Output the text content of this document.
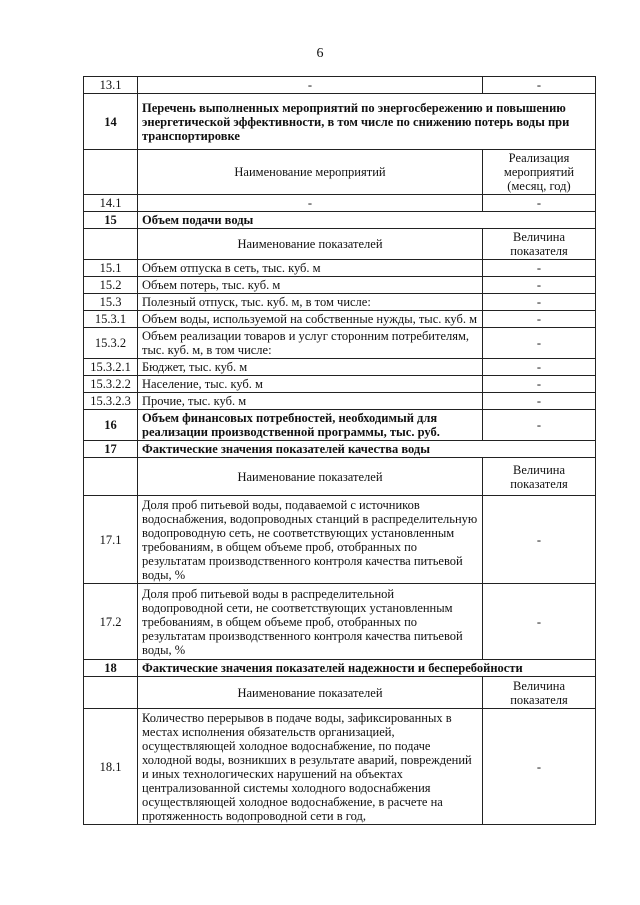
6
13.1	-	-
14	Перечень выполненных мероприятий по энергосбережению и повышению энергетической эффективности, в том числе по снижению потерь воды при транспортировке	
	Наименование мероприятий	Реализация мероприятий (месяц, год)
14.1	-	-
15	Объем подачи воды	
	Наименование показателей	Величина показателя
15.1	Объем отпуска в сеть, тыс. куб. м	-
15.2	Объем потерь, тыс. куб. м	-
15.3	Полезный отпуск, тыс. куб. м, в том числе:	-
15.3.1	Объем воды, используемой на собственные нужды, тыс. куб. м	-
15.3.2	Объем реализации товаров и услуг сторонним потребителям, тыс. куб. м, в том числе:	-
15.3.2.1	Бюджет, тыс. куб. м	-
15.3.2.2	Население, тыс. куб. м	-
15.3.2.3	Прочие, тыс. куб. м	-
16	Объем финансовых потребностей, необходимый для реализации производственной программы, тыс. руб.	-
17	Фактические значения показателей качества воды	
	Наименование показателей	Величина показателя
17.1	Доля проб питьевой воды, подаваемой с источников водоснабжения, водопроводных станций в распределительную водопроводную сеть, не соответствующих установленным требованиям, в общем объеме проб, отобранных по результатам производственного контроля качества питьевой воды, %	-
17.2	Доля проб питьевой воды в распределительной водопроводной сети, не соответствующих установленным требованиям, в общем объеме проб, отобранных по результатам производственного контроля качества питьевой воды, %	-
18	Фактические значения показателей надежности и бесперебойности	
	Наименование показателей	Величина показателя
18.1	Количество перерывов в подаче воды, зафиксированных в местах исполнения обязательств организацией, осуществляющей холодное водоснабжение, по подаче холодной воды, возникших в результате аварий, повреждений и иных технологических нарушений на объектах централизованной системы холодного водоснабжения осуществляющей холодное водоснабжение, в расчете на протяженность водопроводной сети в год,	-
